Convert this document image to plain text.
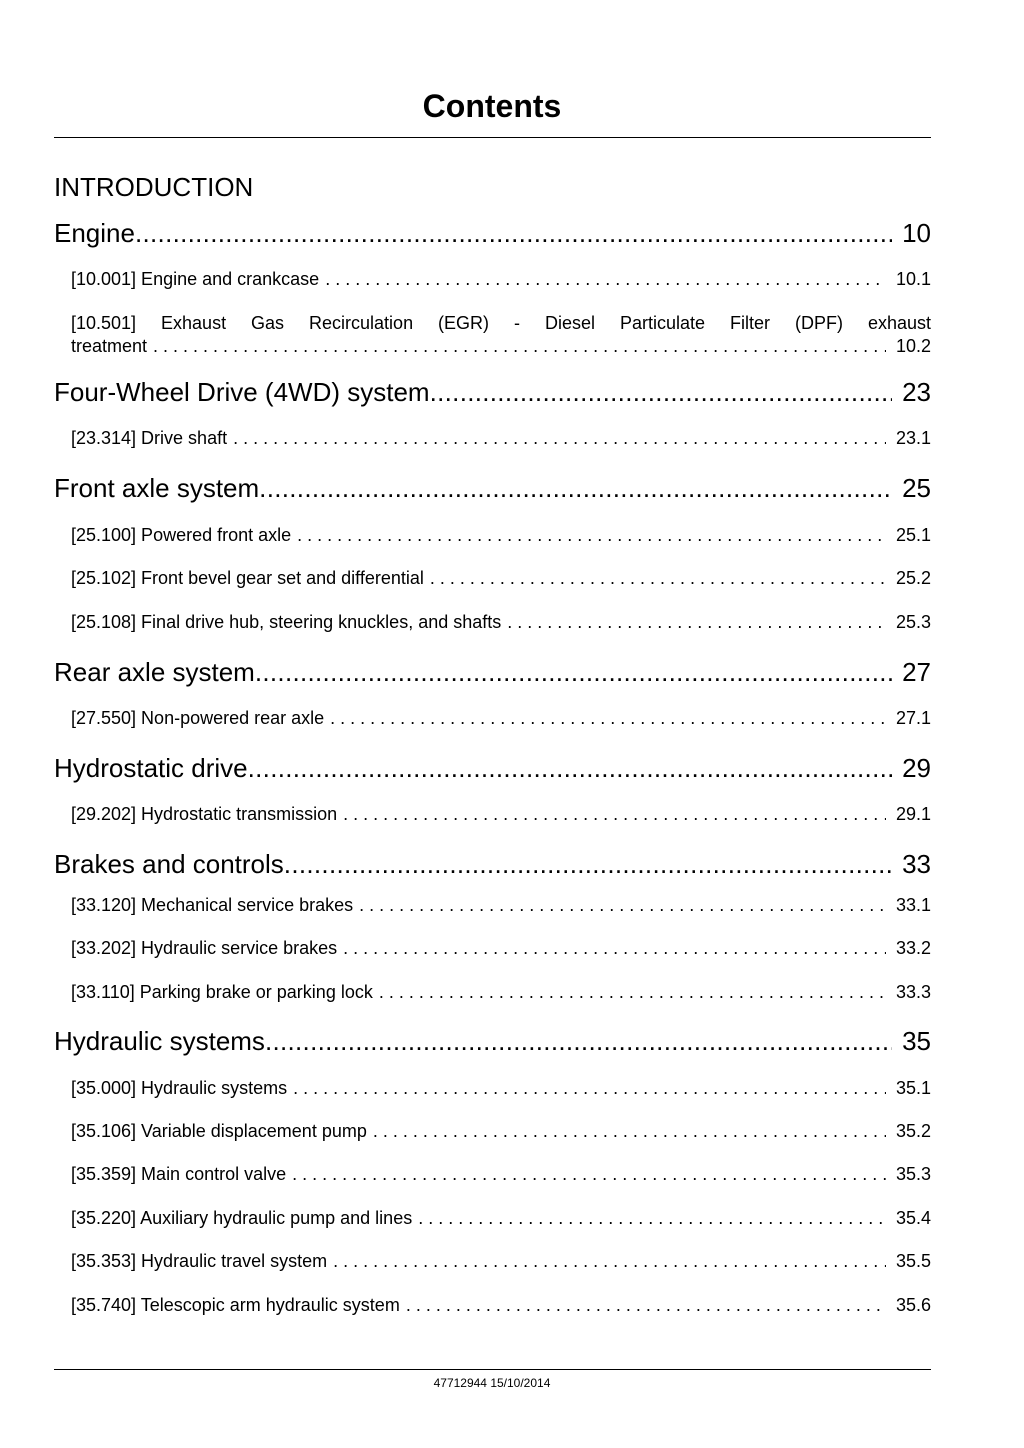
Contents
INTRODUCTION
Engine .....	10
[10.001] Engine and crankcase . . .	10.1
[10.501] Exhaust Gas Recirculation (EGR) - Diesel Particulate Filter (DPF) exhaust
treatment . . .	10.2
Four-Wheel Drive (4WD) system .....	23
[23.314] Drive shaft . . .	23.1
Front axle system .....	25
[25.100] Powered front axle . . .	25.1
[25.102] Front bevel gear set and differential . . .	25.2
[25.108] Final drive hub, steering knuckles, and shafts . . .	25.3
Rear axle system .....	27
[27.550] Non-powered rear axle . . .	27.1
Hydrostatic drive .....	29
[29.202] Hydrostatic transmission . . .	29.1
Brakes and controls .....	33
[33.120] Mechanical service brakes . . .	33.1
[33.202] Hydraulic service brakes . . .	33.2
[33.110] Parking brake or parking lock . . .	33.3
Hydraulic systems .....	35
[35.000] Hydraulic systems . . .	35.1
[35.106] Variable displacement pump . . .	35.2
[35.359] Main control valve . . .	35.3
[35.220] Auxiliary hydraulic pump and lines . . .	35.4
[35.353] Hydraulic travel system . . .	35.5
[35.740] Telescopic arm hydraulic system . . .	35.6
47712944 15/10/2014
